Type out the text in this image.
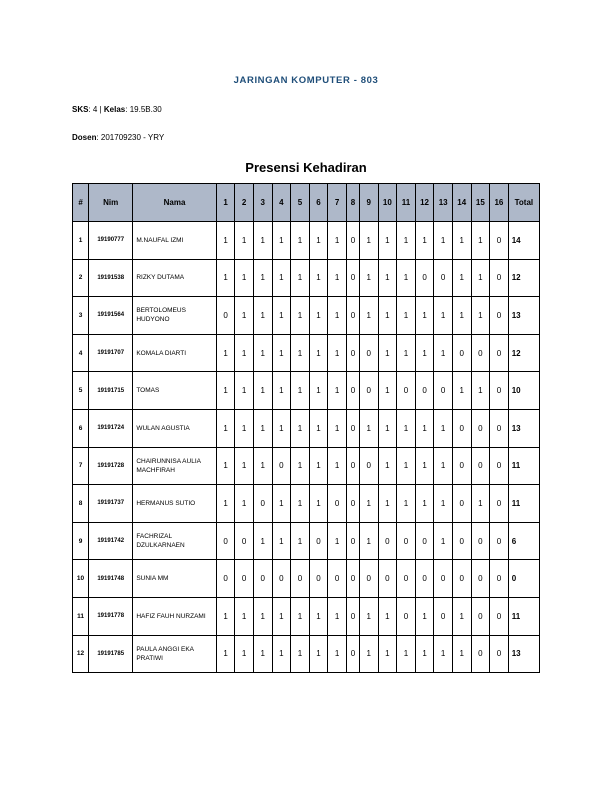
JARINGAN KOMPUTER - 803
SKS: 4 | Kelas: 19.5B.30
Dosen: 201709230 - YRY
Presensi Kehadiran
#	Nim	Nama	1	2	3	4	5	6	7	8	9	10	11	12	13	14	15	16	Total
1	19190777	M.NAUFAL IZMI	1	1	1	1	1	1	1	0	1	1	1	1	1	1	1	0	14
2	19191538	RIZKY DUTAMA	1	1	1	1	1	1	1	0	1	1	1	0	0	1	1	0	12
3	19191564	BERTOLOMEUS HUDYONO	0	1	1	1	1	1	1	0	1	1	1	1	1	1	1	0	13
4	19191707	KOMALA DIARTI	1	1	1	1	1	1	1	0	0	1	1	1	1	0	0	0	12
5	19191715	TOMAS	1	1	1	1	1	1	1	0	0	1	0	0	0	1	1	0	10
6	19191724	WULAN AGUSTIA	1	1	1	1	1	1	1	0	1	1	1	1	1	0	0	0	13
7	19191728	CHAIRUNNISA AULIA MACHFIRAH	1	1	1	0	1	1	1	0	0	1	1	1	1	0	0	0	11
8	19191737	HERMANUS SUTIO	1	1	0	1	1	1	0	0	1	1	1	1	1	0	1	0	11
9	19191742	FACHRIZAL DZULKARNAEN	0	0	1	1	1	0	1	0	1	0	0	0	1	0	0	0	6
10	19191748	SUNIA MM	0	0	0	0	0	0	0	0	0	0	0	0	0	0	0	0	0
11	19191778	HAFIZ FAUH NURZAMI	1	1	1	1	1	1	1	0	1	1	0	1	0	1	0	0	11
12	19191785	PAULA ANGGI EKA PRATIWI	1	1	1	1	1	1	1	0	1	1	1	1	1	1	0	0	13
